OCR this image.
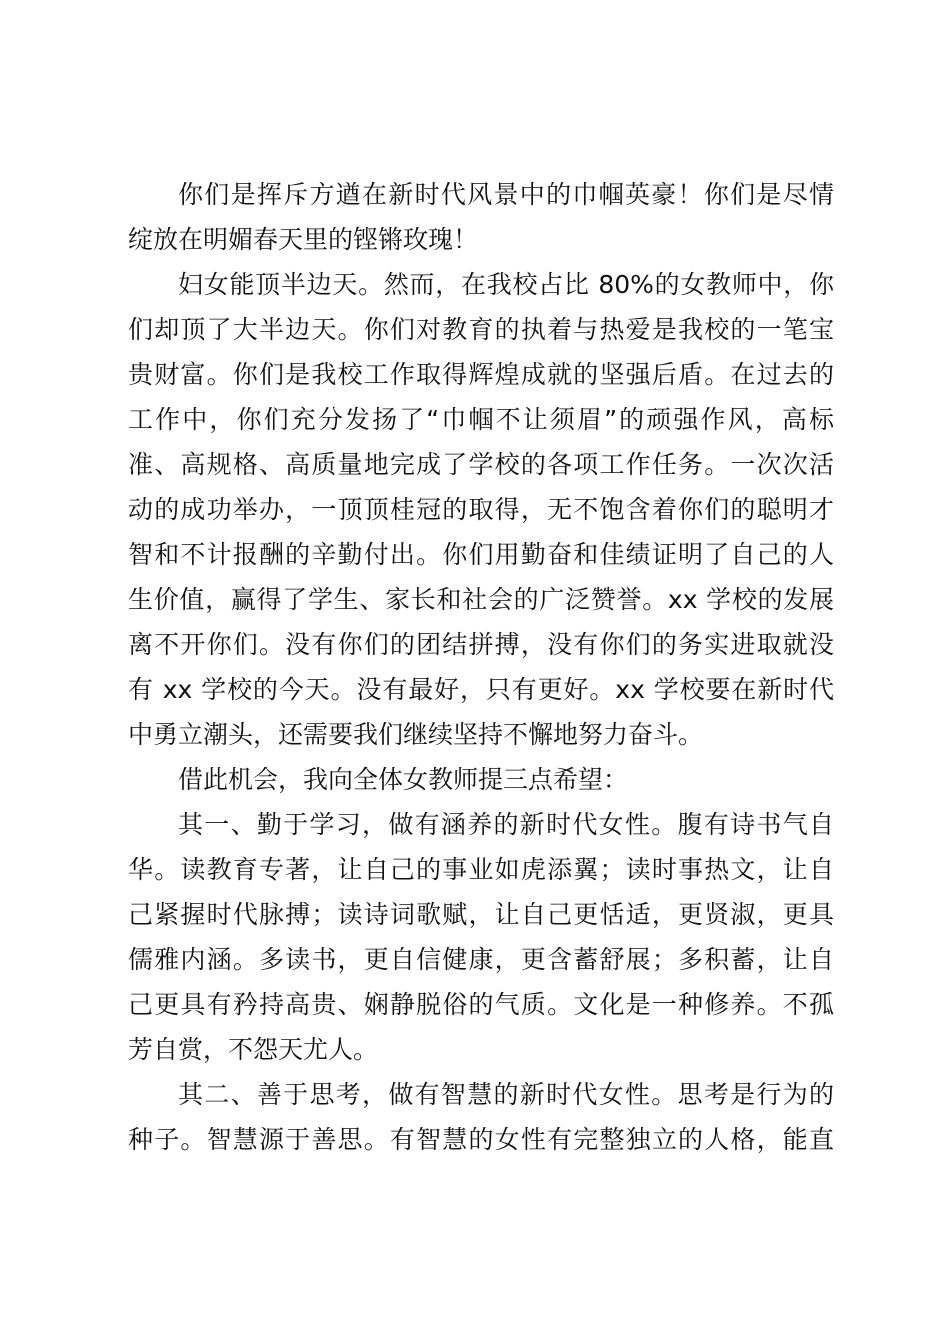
你们是挥斥方遒在新时代风景中的巾帼英豪！你们是尽情
绽放在明媚春天里的铿锵玫瑰！
妇女能顶半边天。然而，在我校占比 80%的女教师中，你
们却顶了大半边天。你们对教育的执着与热爱是我校的一笔宝
贵财富。你们是我校工作取得辉煌成就的坚强后盾。在过去的
工作中，你们充分发扬了“巾帼不让须眉”的顽强作风，高标
准、高规格、高质量地完成了学校的各项工作任务。一次次活
动的成功举办，一顶顶桂冠的取得，无不饱含着你们的聪明才
智和不计报酬的辛勤付出。你们用勤奋和佳绩证明了自己的人
生价值，赢得了学生、家长和社会的广泛赞誉。xx 学校的发展
离不开你们。没有你们的团结拼搏，没有你们的务实进取就没
有 xx 学校的今天。没有最好，只有更好。xx 学校要在新时代
中勇立潮头，还需要我们继续坚持不懈地努力奋斗。
借此机会，我向全体女教师提三点希望：
其一、勤于学习，做有涵养的新时代女性。腹有诗书气自
华。读教育专著，让自己的事业如虎添翼；读时事热文，让自
己紧握时代脉搏；读诗词歌赋，让自己更恬适，更贤淑，更具
儒雅内涵。多读书，更自信健康，更含蓄舒展；多积蓄，让自
己更具有矜持高贵、娴静脱俗的气质。文化是一种修养。不孤
芳自赏，不怨天尤人。
其二、善于思考，做有智慧的新时代女性。思考是行为的
种子。智慧源于善思。有智慧的女性有完整独立的人格，能直
